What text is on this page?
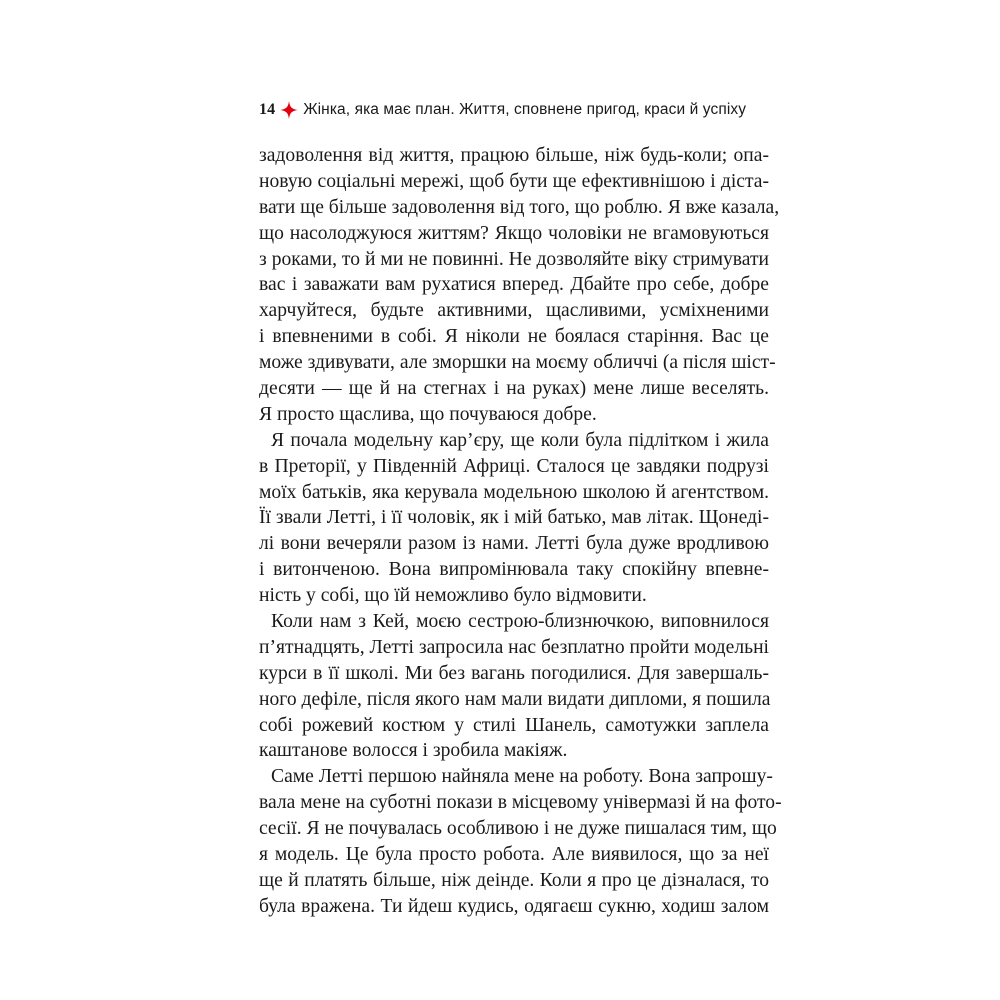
14 Жінка, яка має план. Життя, сповнене пригод, краси й успіху
задоволення від життя, працюю більше, ніж будь-коли; опа-
новую соціальні мережі, щоб бути ще ефективнішою і діста-
вати ще більше задоволення від того, що роблю. Я вже казала,
що насолоджуюся життям? Якщо чоловіки не вгамовуються
з роками, то й ми не повинні. Не дозволяйте віку стримувати
вас і заважати вам рухатися вперед. Дбайте про себе, добре
харчуйтеся, будьте активними, щасливими, усміхненими
і впевненими в собі. Я ніколи не боялася старіння. Вас це
може здивувати, але зморшки на моєму обличчі (а після шіст-
десяти — ще й на стегнах і на руках) мене лише веселять.
Я просто щаслива, що почуваюся добре.
Я почала модельну кар’єру, ще коли була підлітком і жила
в Преторії, у Південній Африці. Сталося це завдяки подрузі
моїх батьків, яка керувала модельною школою й агентством.
Її звали Летті, і її чоловік, як і мій батько, мав літак. Щонеді-
лі вони вечеряли разом із нами. Летті була дуже вродливою
і витонченою. Вона випромінювала таку спокійну впевне-
ність у собі, що їй неможливо було відмовити.
Коли нам з Кей, моєю сестрою-близнючкою, виповнилося
п’ятнадцять, Летті запросила нас безплатно пройти модельні
курси в її школі. Ми без вагань погодилися. Для завершаль-
ного дефіле, після якого нам мали видати дипломи, я пошила
собі рожевий костюм у стилі Шанель, самотужки заплела
каштанове волосся і зробила макіяж.
Саме Летті першою найняла мене на роботу. Вона запрошу-
вала мене на суботні покази в місцевому універмазі й на фото-
сесії. Я не почувалась особливою і не дуже пишалася тим, що
я модель. Це була просто робота. Але виявилося, що за неї
ще й платять більше, ніж деінде. Коли я про це дізналася, то
була вражена. Ти йдеш кудись, одягаєш сукню, ходиш залом
